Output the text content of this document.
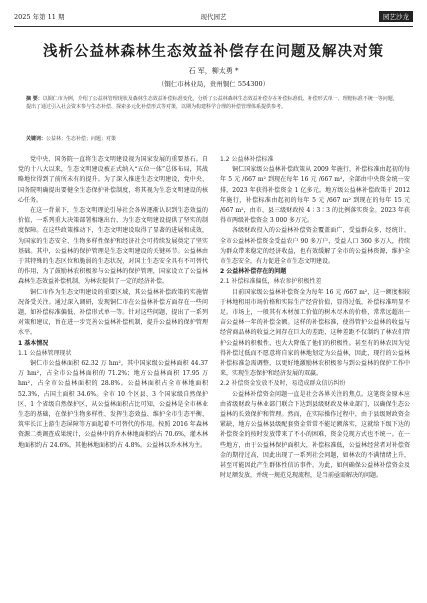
2025 年第 11 期	现代园艺	园艺沙龙
浅析公益林森林生态效益补偿存在问题及解决对策
石 军，柳太勇 *
（铜仁市林业局，贵州铜仁 554300）
摘 要：以铜仁市为例，介绍了公益林管理现状及森林生态效益补偿标准变化，分析了公益林森林生态效益补偿存在补偿标准低、补偿形式单一、理赔标准不统一等问题，提出了通过引入社会资本参与生态补偿、探索多元化补偿形式等对策，以期为构建科学合理的补偿管理体系提供参考。
关键词：公益林；生态补偿；问题；对策

党中央、国务院一直将生态文明建设视为国家发展的重要基石。自党的十八大以来，生态文明建设被正式纳入“五位一体”总体布局，其战略地位得到了前所未有的提升。为了深入推进生态文明建设，党中央、国务院明确提出要健全生态保护补偿制度，将其视为生态文明建设的核心任务。

在这一背景下，生态文明理论引导社会各界逐渐认识到生态效益的价值，一系列重大决策部署相继出台，为生态文明建设提供了坚实的制度保障。在这些政策推动下，生态文明建设取得了显著的进展和成效，为国家的生态安全、生物多样性保护和经济社会可持续发展奠定了坚实基础。其中，公益林的保护管理是生态文明建设的关键环节。公益林由于其特殊的生态区位和脆弱的生态状况，对国土生态安全具有不可替代的作用，为了鼓励林农积极参与公益林的保护管理，国家设立了公益林森林生态效益补偿机制，为林农提供了一定的经济补偿。

铜仁市作为生态文明建设的重要区域，其公益林补偿政策的实施情况备受关注。通过深入调研，发现铜仁市在公益林补偿方面存在一些问题，如补偿标准偏低、补偿形式单一等。针对这些问题，提出了一系列对策和建议，旨在进一步完善公益林补偿机制，提升公益林的保护管理水平。

1 基本情况

1.1 公益林管理现状

铜仁市公益林面积 62.32 万 hm²，其中国家级公益林面积 44.37 万 hm²，占全市公益林面积的 71.2%；地方公益林面积 17.95 万 hm²，占全市公益林面积的 28.8%。公益林面积占全市林地面积 52.3%，占国土面积 34.6%。全市 10 个区县、3 个国家级自然保护区、1 个省级自然保护区，从公益林面积占比可知，公益林是全市林业生态的基础，在保护生物多样性、发挥生态效益、维护全市生态平衡、筑牢长江上游生态屏障等方面起着不可替代的作用。按照 2016 年森林资源二类调查成果统计，公益林中的乔木林地面积约占 70.6%，灌木林地面积约占 24.6%，其他林地面积约占 4.8%。公益林以乔木林为主。

1.2 公益林补偿标准

铜仁国家级公益林补偿政策从 2009 年施行，补偿标准由起初的每年 5 元 /667 m² 到现在每年 16 元 /667 m²，全部由中央资金统一安排，2023 年获得补偿资金 1 亿多元。地方级公益林补偿政策于 2012 年施行，补偿标准由起初的每年 5 元 /667 m² 到现在的每年 15 元 /667 m²，由市、县三级财政按 4∶3∶3 的比例落实资金。2023 年获得市两级补偿资金 3 000 多万元。

各级财政投入的公益林补偿资金覆盖面广，受益群众多，经统计，全市公益林补偿资金受益农户 90 多万户，受益人口 360 多万人，持续为群众带来稳定的经济收益，也有效缓解了全市的公益林资源，维护全市生态安全，有力促进全市生态文明建设。

2 公益林补偿存在的问题

2.1 补偿标准偏低，林农参护积极性差

目前国家级公益林补偿资金为每年 16 元 /667 m²，这一额度相较于林地租用市场价格和实际生产经营价值，显得过低，补偿标准明显不足。市场上，一般其有木材加工价值的树木尽木的价格，常常远超出一亩公益林一年的补偿金额。这样的补偿标准，使得管护公益林的收益与经营商品林的收益之间存在巨大的差距，这种差距不仅制约了林农们管护公益林的积极性，也大大降低了他们的积极性。甚至有的林农因为觉得补偿过低而不愿意将自家的林地划定为公益林，因此，现行的公益林补偿标准急需调整，以更好地激励林农积极参与到公益林的保护工作中来，实现生态保护和经济发展的双赢。

2.2 补偿资金发放不及时，易造成群众信访纠纷

公益林补偿资金问题一直是社会各界关注的焦点。这笔资金原本应由省级财政与林业部门联合下达到县级财政及林业部门，以确保生态公益林的长效保护和管理。然而，在实际操作过程中，由于县级财政资金紧缺，地方公益林县级配套资金常常不能足额落实，这就给下级下达的补偿资金的按时发放带来了不小的困难，资金兑现方式也不统一。在一些地方，由于公益林保护面积大，补偿标准低，公益林经营者对补偿资金的期待过高，因此出现了一系列社会问题，如林农的不满情绪上升，甚至可能因此产生群体性信访事件。为此，如何确保公益林补偿资金及时足额发放，并统一规范兑现流程，是当前亟需解决的问题。
